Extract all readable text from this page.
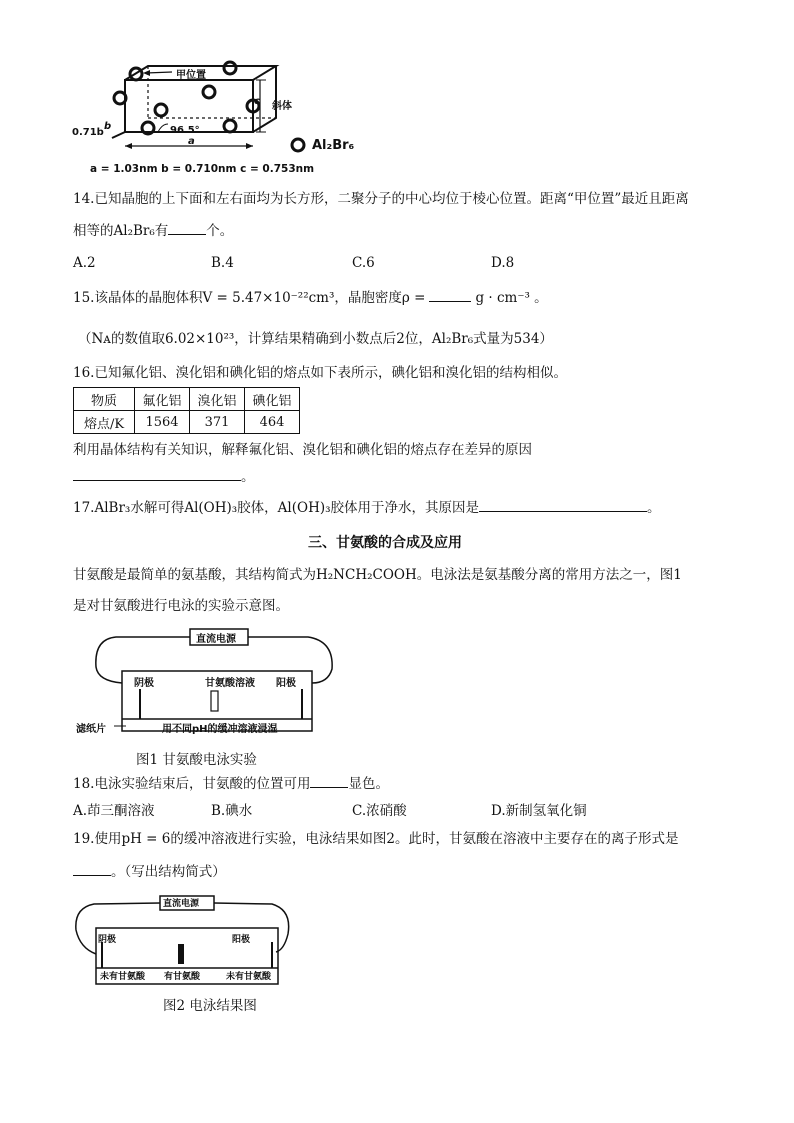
甲位置
斜体
96.5°
a
b
c
0.71b
Al₂Br₆
a = 1.03nm b = 0.710nm c = 0.753nm
14.已知晶胞的上下面和左右面均为长方形，二聚分子的中心均位于棱心位置。距离“甲位置”最近且距离
相等的Al₂Br₆有	个。
A.2	B.4	C.6	D.8
15.该晶体的晶胞体积V = 5.47×10⁻²²cm³，晶胞密度ρ =	g · cm⁻³ 。
（Nᴀ的数值取6.02×10²³，计算结果精确到小数点后2位，Al₂Br₆式量为534）
16.已知氟化铝、溴化铝和碘化铝的熔点如下表所示，碘化铝和溴化铝的结构相似。
物质	氟化铝	溴化铝	碘化铝
熔点/K	1564	371	464
利用晶体结构有关知识，解释氟化铝、溴化铝和碘化铝的熔点存在差异的原因
。
17.AlBr₃水解可得Al(OH)₃胶体，Al(OH)₃胶体用于净水，其原因是	。
三、甘氨酸的合成及应用
甘氨酸是最简单的氨基酸，其结构简式为H₂NCH₂COOH。电泳法是氨基酸分离的常用方法之一，图1
是对甘氨酸进行电泳的实验示意图。
直流电源
阴极	甘氨酸溶液 阳极
滤纸片	用不同pH的缓冲溶液浸湿
图1 甘氨酸电泳实验
18.电泳实验结束后，甘氨酸的位置可用	显色。
A.茚三酮溶液	B.碘水	C.浓硝酸	D.新制氢氧化铜
19.使用pH = 6的缓冲溶液进行实验，电泳结果如图2。此时，甘氨酸在溶液中主要存在的离子形式是
。（写出结构简式）
直流电源
阴极	阳极
未有甘氨酸 有甘氨酸	未有甘氨酸
图2 电泳结果图
